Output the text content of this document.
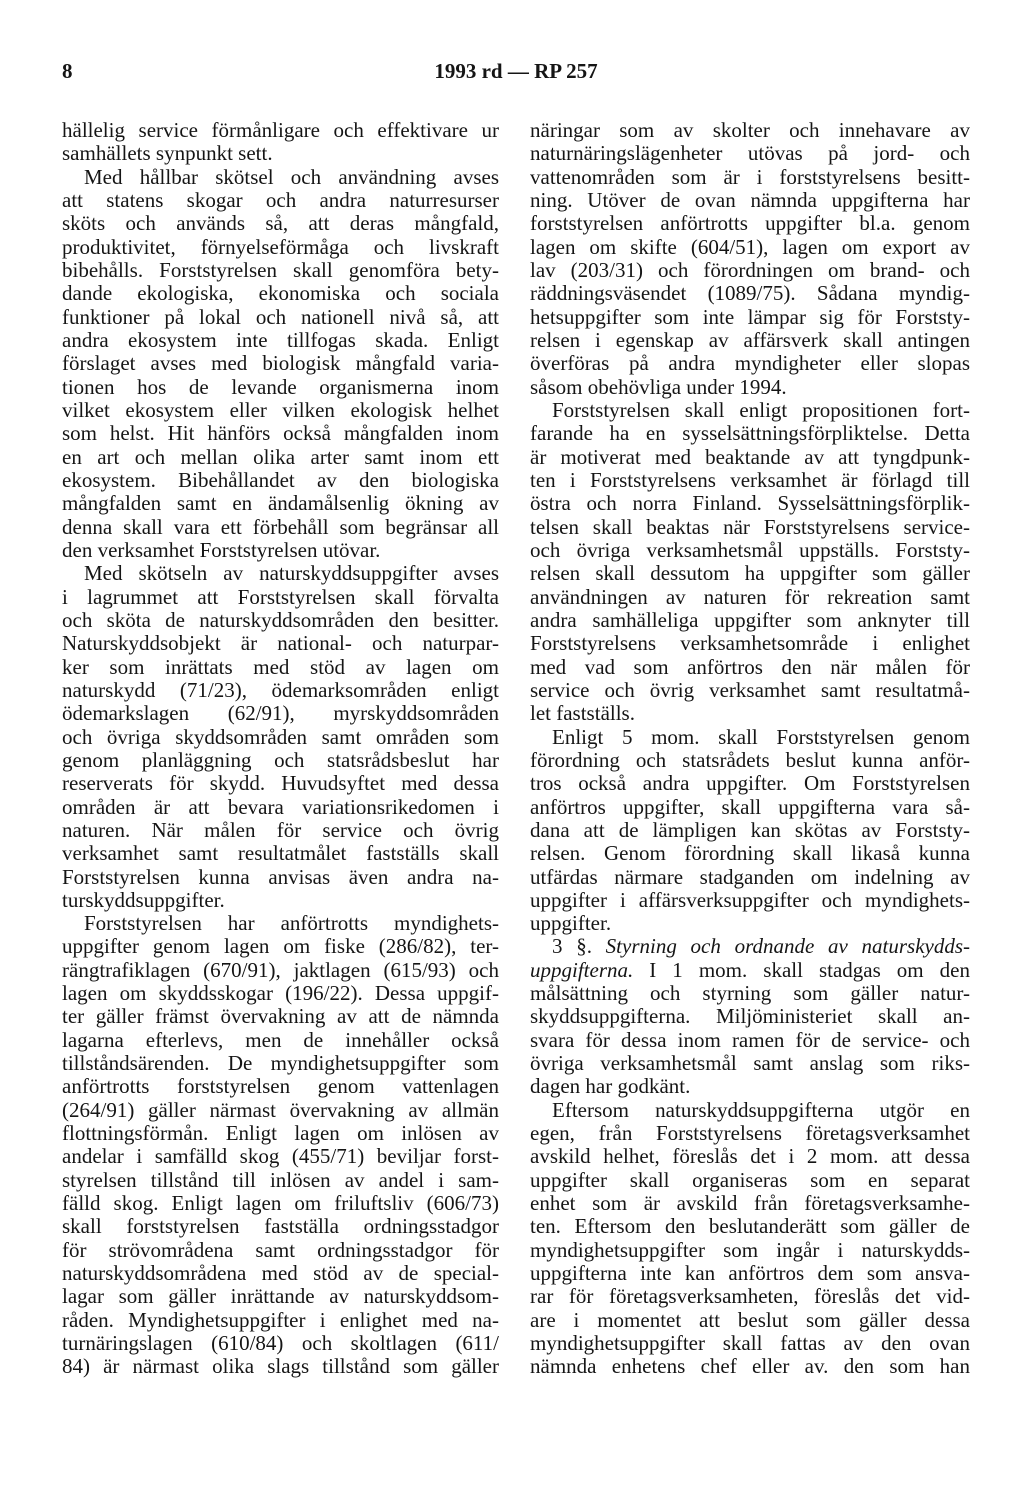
8	1993 rd — RP 257
hällelig service förmånligare och effektivare ur
samhällets synpunkt sett.
Med hållbar skötsel och användning avses
att statens skogar och andra naturresurser
sköts och används så, att deras mångfald,
produktivitet, förnyelseförmåga och livskraft
bibehålls. Forststyrelsen skall genomföra bety-
dande ekologiska, ekonomiska och sociala
funktioner på lokal och nationell nivå så, att
andra ekosystem inte tillfogas skada. Enligt
förslaget avses med biologisk mångfald varia-
tionen hos de levande organismerna inom
vilket ekosystem eller vilken ekologisk helhet
som helst. Hit hänförs också mångfalden inom
en art och mellan olika arter samt inom ett
ekosystem. Bibehållandet av den biologiska
mångfalden samt en ändamålsenlig ökning av
denna skall vara ett förbehåll som begränsar all
den verksamhet Forststyrelsen utövar.
Med skötseln av naturskyddsuppgifter avses
i lagrummet att Forststyrelsen skall förvalta
och sköta de naturskyddsområden den besitter.
Naturskyddsobjekt är national- och naturpar-
ker som inrättats med stöd av lagen om
naturskydd (71/23), ödemarksområden enligt
ödemarkslagen (62/91), myrskyddsområden
och övriga skyddsområden samt områden som
genom planläggning och statsrådsbeslut har
reserverats för skydd. Huvudsyftet med dessa
områden är att bevara variationsrikedomen i
naturen. När målen för service och övrig
verksamhet samt resultatmålet fastställs skall
Forststyrelsen kunna anvisas även andra na-
turskyddsuppgifter.
Forststyrelsen har anförtrotts myndighets-
uppgifter genom lagen om fiske (286/82), ter-
rängtrafiklagen (670/91), jaktlagen (615/93) och
lagen om skyddsskogar (196/22). Dessa uppgif-
ter gäller främst övervakning av att de nämnda
lagarna efterlevs, men de innehåller också
tillståndsärenden. De myndighetsuppgifter som
anförtrotts forststyrelsen genom vattenlagen
(264/91) gäller närmast övervakning av allmän
flottningsförmån. Enligt lagen om inlösen av
andelar i samfälld skog (455/71) beviljar forst-
styrelsen tillstånd till inlösen av andel i sam-
fälld skog. Enligt lagen om friluftsliv (606/73)
skall forststyrelsen fastställa ordningsstadgor
för strövområdena samt ordningsstadgor för
naturskyddsområdena med stöd av de special-
lagar som gäller inrättande av naturskyddsom-
råden. Myndighetsuppgifter i enlighet med na-
turnäringslagen (610/84) och skoltlagen (611/
84) är närmast olika slags tillstånd som gäller
näringar som av skolter och innehavare av
naturnäringslägenheter utövas på jord- och
vattenområden som är i forststyrelsens besitt-
ning. Utöver de ovan nämnda uppgifterna har
forststyrelsen anförtrotts uppgifter bl.a. genom
lagen om skifte (604/51), lagen om export av
lav (203/31) och förordningen om brand- och
räddningsväsendet (1089/75). Sådana myndig-
hetsuppgifter som inte lämpar sig för Forststy-
relsen i egenskap av affärsverk skall antingen
överföras på andra myndigheter eller slopas
såsom obehövliga under 1994.
Forststyrelsen skall enligt propositionen fort-
farande ha en sysselsättningsförpliktelse. Detta
är motiverat med beaktande av att tyngdpunk-
ten i Forststyrelsens verksamhet är förlagd till
östra och norra Finland. Sysselsättningsförplik-
telsen skall beaktas när Forststyrelsens service-
och övriga verksamhetsmål uppställs. Forststy-
relsen skall dessutom ha uppgifter som gäller
användningen av naturen för rekreation samt
andra samhälleliga uppgifter som anknyter till
Forststyrelsens verksamhetsområde i enlighet
med vad som anförtros den när målen för
service och övrig verksamhet samt resultatmå-
let fastställs.
Enligt 5 mom. skall Forststyrelsen genom
förordning och statsrådets beslut kunna anför-
tros också andra uppgifter. Om Forststyrelsen
anförtros uppgifter, skall uppgifterna vara så-
dana att de lämpligen kan skötas av Forststy-
relsen. Genom förordning skall likaså kunna
utfärdas närmare stadganden om indelning av
uppgifter i affärsverksuppgifter och myndighets-
uppgifter.
3 §. Styrning och ordnande av naturskydds-
uppgifterna. I 1 mom. skall stadgas om den
målsättning och styrning som gäller natur-
skyddsuppgifterna. Miljöministeriet skall an-
svara för dessa inom ramen för de service- och
övriga verksamhetsmål samt anslag som riks-
dagen har godkänt.
Eftersom naturskyddsuppgifterna utgör en
egen, från Forststyrelsens företagsverksamhet
avskild helhet, föreslås det i 2 mom. att dessa
uppgifter skall organiseras som en separat
enhet som är avskild från företagsverksamhe-
ten. Eftersom den beslutanderätt som gäller de
myndighetsuppgifter som ingår i naturskydds-
uppgifterna inte kan anförtros dem som ansva-
rar för företagsverksamheten, föreslås det vid-
are i momentet att beslut som gäller dessa
myndighetsuppgifter skall fattas av den ovan
nämnda enhetens chef eller av. den som han
